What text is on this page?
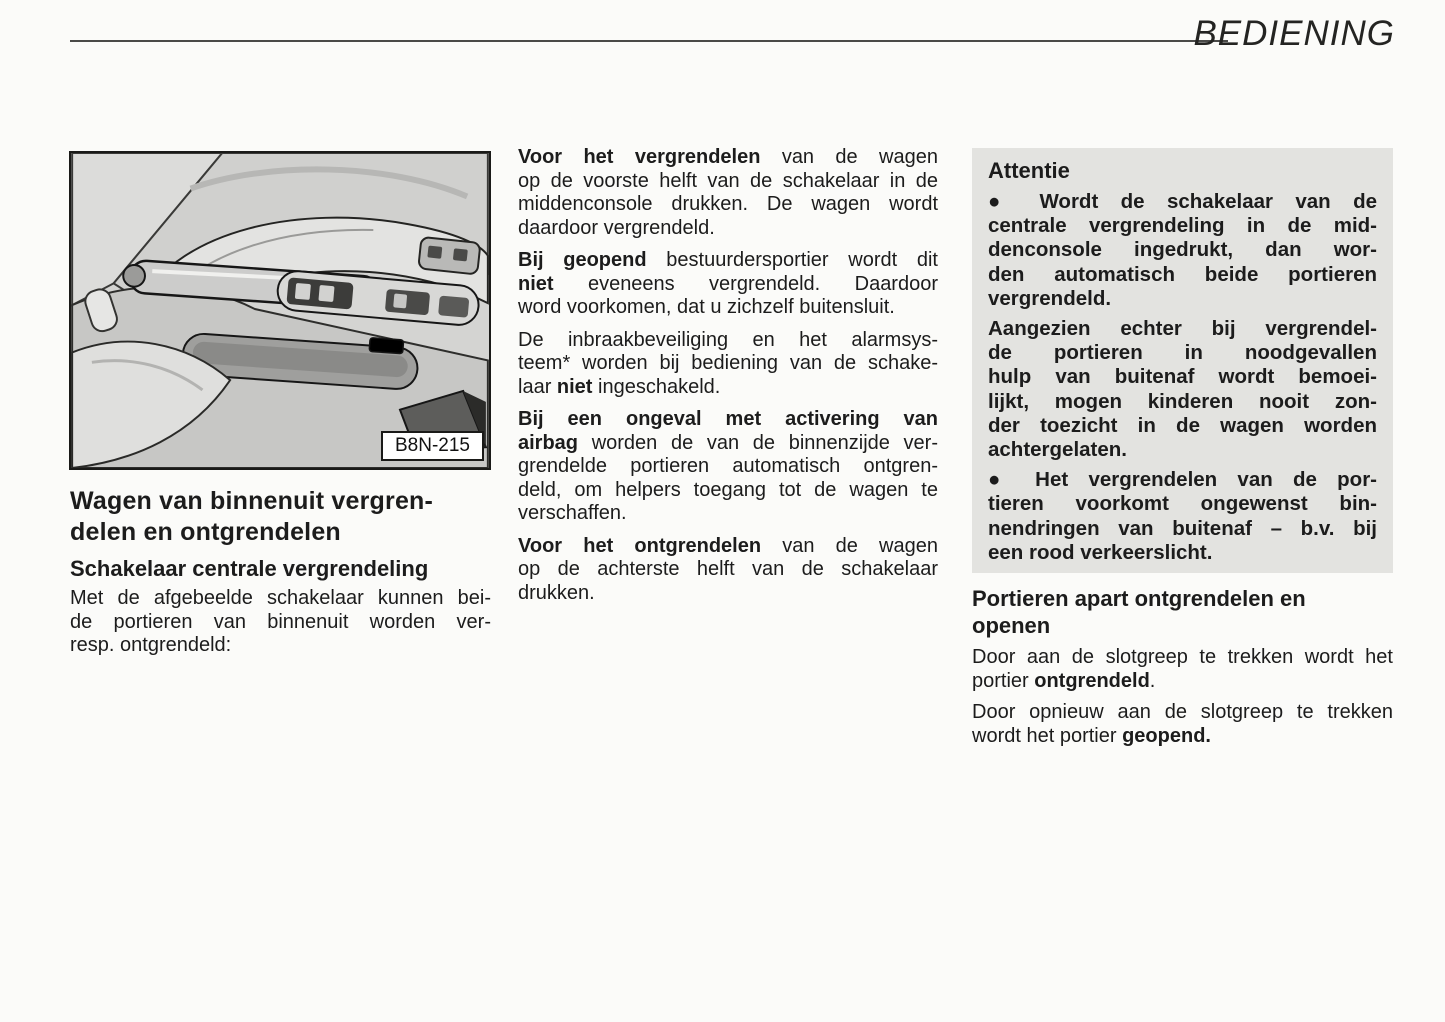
BEDIENING
B8N-215
Wagen van binnenuit vergren-
delen en ontgrendelen
Schakelaar centrale vergrendeling
Met de afgebeelde schakelaar kunnen bei-
de portieren van binnenuit worden ver-
resp. ontgrendeld:
Voor het vergrendelen van de wagen
op de voorste helft van de schakelaar in de
middenconsole drukken. De wagen wordt
daardoor vergrendeld.
Bij geopend bestuurdersportier wordt dit
niet eveneens vergrendeld. Daardoor
word voorkomen, dat u zichzelf buitensluit.
De inbraakbeveiliging en het alarmsys-
teem* worden bij bediening van de schake-
laar niet ingeschakeld.
Bij een ongeval met activering van
airbag worden de van de binnenzijde ver-
grendelde portieren automatisch ontgren-
deld, om helpers toegang tot de wagen te
verschaffen.
Voor het ontgrendelen van de wagen
op de achterste helft van de schakelaar
drukken.
Attentie
● Wordt de schakelaar van de
centrale vergrendeling in de mid-
denconsole ingedrukt, dan wor-
den automatisch beide portieren
vergrendeld.
Aangezien echter bij vergrendel-
de portieren in noodgevallen
hulp van buitenaf wordt bemoei-
lijkt, mogen kinderen nooit zon-
der toezicht in de wagen worden
achtergelaten.
● Het vergrendelen van de por-
tieren voorkomt ongewenst bin-
nendringen van buitenaf – b.v. bij
een rood verkeerslicht.
Portieren apart ontgrendelen en
openen
Door aan de slotgreep te trekken wordt het
portier ontgrendeld.
Door opnieuw aan de slotgreep te trekken
wordt het portier geopend.
